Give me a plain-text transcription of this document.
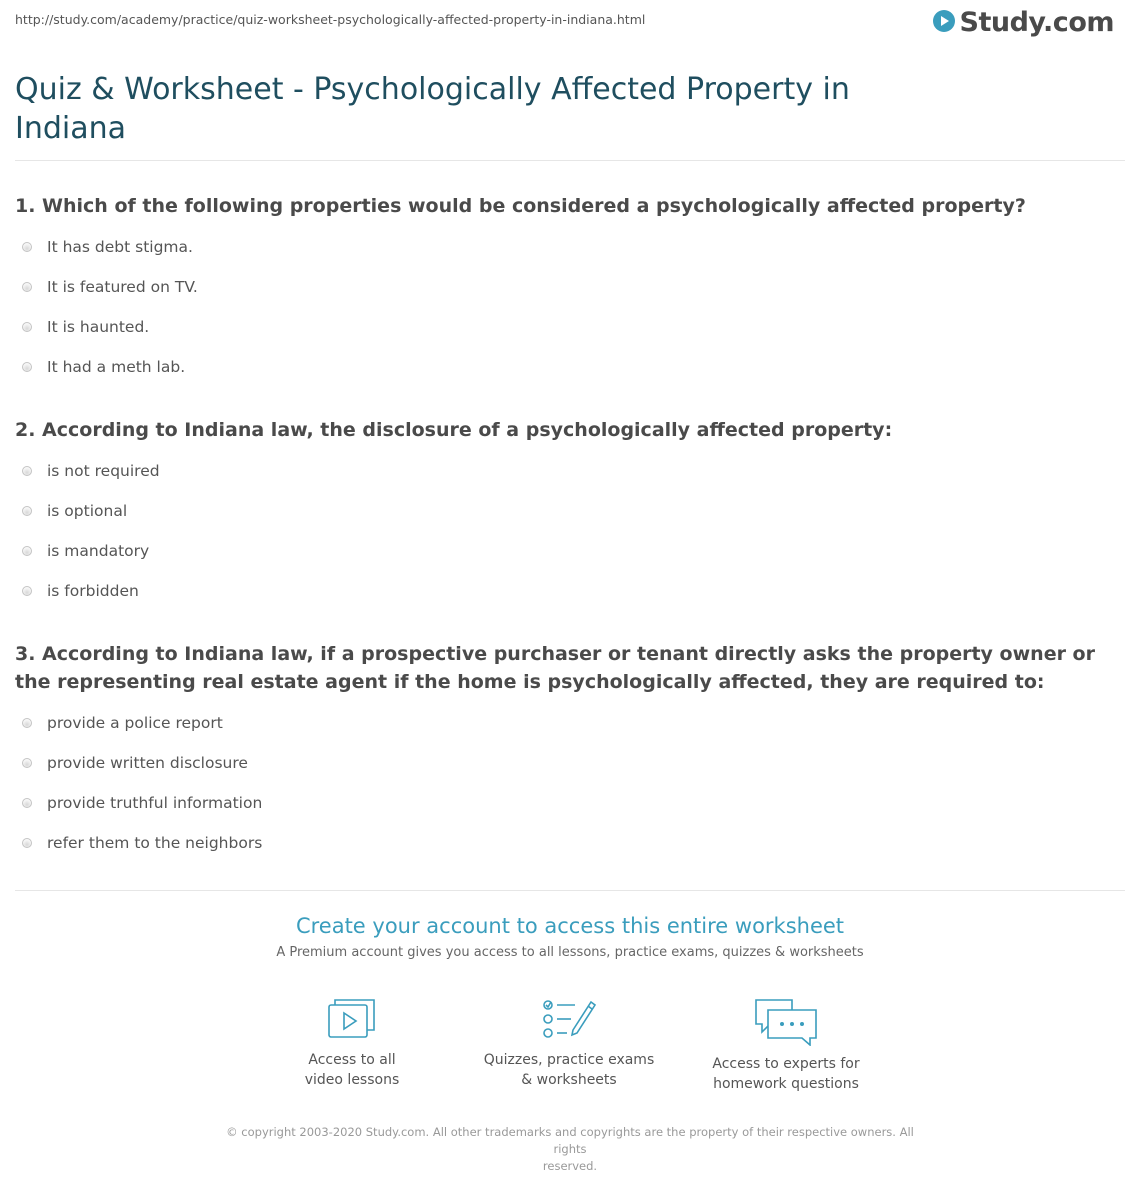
http://study.com/academy/practice/quiz-worksheet-psychologically-affected-property-in-indiana.html	Study.com
Quiz & Worksheet - Psychologically Affected Property in Indiana

1. Which of the following properties would be considered a psychologically affected property?

It has debt stigma.
It is featured on TV.
It is haunted.
It had a meth lab.

2. According to Indiana law, the disclosure of a psychologically affected property:

is not required
is optional
is mandatory
is forbidden

3. According to Indiana law, if a prospective purchaser or tenant directly asks the property owner or the representing real estate agent if the home is psychologically affected, they are required to:

provide a police report
provide written disclosure
provide truthful information
refer them to the neighbors
Create your account to access this entire worksheet
A Premium account gives you access to all lessons, practice exams, quizzes & worksheets
Access to all
video lessons
Quizzes, practice exams
& worksheets
Access to experts for
homework questions
© copyright 2003-2020 Study.com. All other trademarks and copyrights are the property of their respective owners. All rights
reserved.
